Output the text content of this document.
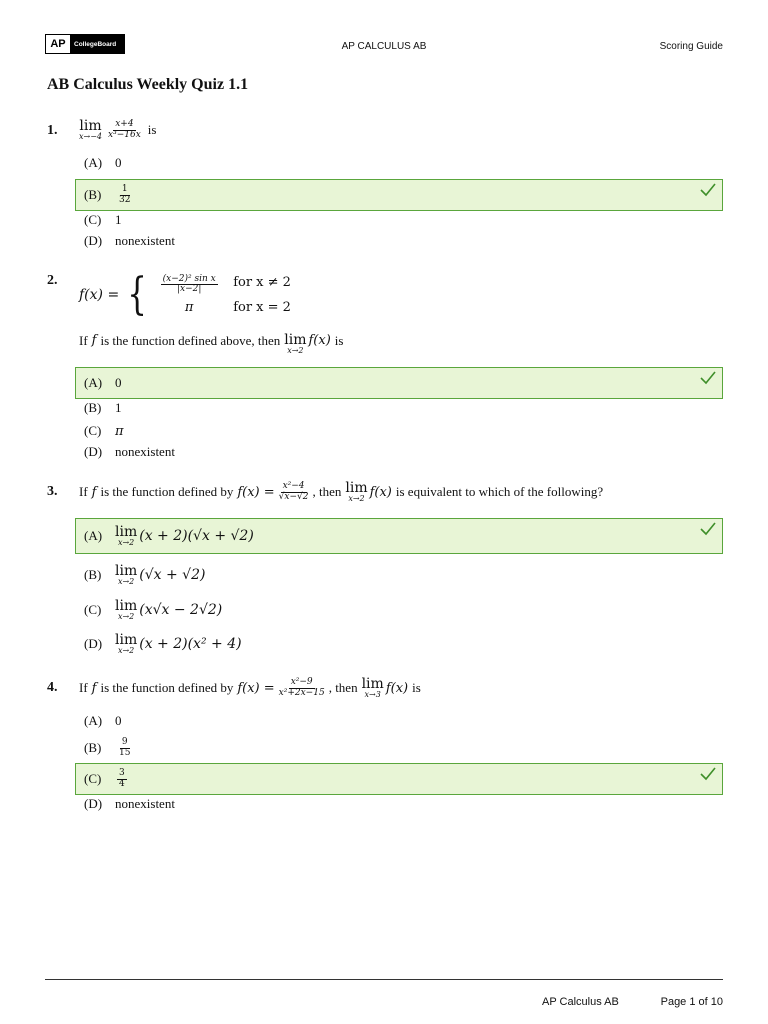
AP	CollegeBoard	AP CALCULUS AB	Scoring Guide
AB Calculus Weekly Quiz 1.1
1. lim
$x\to-4 \frac{x+4}{\text{x³−16x}}$ is
(A) 0
(B)	$\frac{1}{32}$
(C)	1
(D) nonexistent
2.
f(x) = { $\frac{\text{(x−2)² sin x}}{|x-2|}$ for x ≠ 2
π	for x = 2
If f is the function defined above, then lim
x→2
f(x) is
(A) 0
(B)	1
(C)	π
(D) nonexistent
3. If f is the function defined by $f(x) = \frac{\text{x²−4}}{√x-√2}$ , then lim
x→2 f(x) is equivalent to which of the following?
(A) lim
x→2 (x + 2)(√x + √2)
(B) lim
x→2 (√x + √2)
(C) lim
x→2 (x√x − 2√2)
(D) lim
x→2 (x + 2)(x² + 4)
4. If f is the function defined by $f(x) = \frac{\text{x²−9}}{\text{x²+2x−15}}$ , then lim
x→3 f(x) is
(A) 0
(B)	$\frac{9}{15}$
(C)	$\frac{3}{4}$
(D) nonexistent
AP Calculus AB	Page 1 of 10
